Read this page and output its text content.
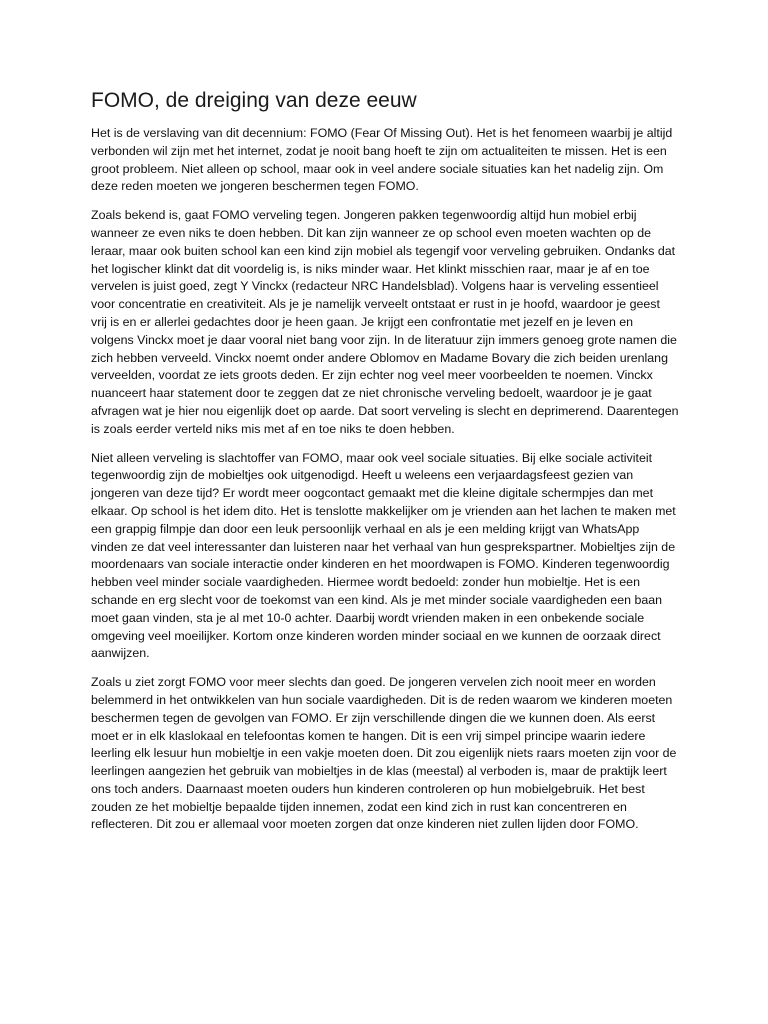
FOMO, de dreiging van deze eeuw

Het is de verslaving van dit decennium: FOMO (Fear Of Missing Out). Het is het fenomeen waarbij je altijd verbonden wil zijn met het internet, zodat je nooit bang hoeft te zijn om actualiteiten te missen. Het is een groot probleem. Niet alleen op school, maar ook in veel andere sociale situaties kan het nadelig zijn. Om deze reden moeten we jongeren beschermen tegen FOMO.

Zoals bekend is, gaat FOMO verveling tegen. Jongeren pakken tegenwoordig altijd hun mobiel erbij wanneer ze even niks te doen hebben. Dit kan zijn wanneer ze op school even moeten wachten op de leraar, maar ook buiten school kan een kind zijn mobiel als tegengif voor verveling gebruiken. Ondanks dat het logischer klinkt dat dit voordelig is, is niks minder waar. Het klinkt misschien raar, maar je af en toe vervelen is juist goed, zegt Y Vinckx (redacteur NRC Handelsblad). Volgens haar is verveling essentieel voor concentratie en creativiteit. Als je je namelijk verveelt ontstaat er rust in je hoofd, waardoor je geest vrij is en er allerlei gedachtes door je heen gaan. Je krijgt een confrontatie met jezelf en je leven en volgens Vinckx moet je daar vooral niet bang voor zijn. In de literatuur zijn immers genoeg grote namen die zich hebben verveeld. Vinckx noemt onder andere Oblomov en Madame Bovary die zich beiden urenlang verveelden, voordat ze iets groots deden. Er zijn echter nog veel meer voorbeelden te noemen. Vinckx nuanceert haar statement door te zeggen dat ze niet chronische verveling bedoelt, waardoor je je gaat afvragen wat je hier nou eigenlijk doet op aarde. Dat soort verveling is slecht en deprimerend. Daarentegen is zoals eerder verteld niks mis met af en toe niks te doen hebben.

Niet alleen verveling is slachtoffer van FOMO, maar ook veel sociale situaties. Bij elke sociale activiteit tegenwoordig zijn de mobieltjes ook uitgenodigd. Heeft u weleens een verjaardagsfeest gezien van jongeren van deze tijd? Er wordt meer oogcontact gemaakt met die kleine digitale schermpjes dan met elkaar. Op school is het idem dito. Het is tenslotte makkelijker om je vrienden aan het lachen te maken met een grappig filmpje dan door een leuk persoonlijk verhaal en als je een melding krijgt van WhatsApp vinden ze dat veel interessanter dan luisteren naar het verhaal van hun gesprekspartner. Mobieltjes zijn de moordenaars van sociale interactie onder kinderen en het moordwapen is FOMO. Kinderen tegenwoordig hebben veel minder sociale vaardigheden. Hiermee wordt bedoeld: zonder hun mobieltje. Het is een schande en erg slecht voor de toekomst van een kind. Als je met minder sociale vaardigheden een baan moet gaan vinden, sta je al met 10-0 achter. Daarbij wordt vrienden maken in een onbekende sociale omgeving veel moeilijker. Kortom onze kinderen worden minder sociaal en we kunnen de oorzaak direct aanwijzen.

Zoals u ziet zorgt FOMO voor meer slechts dan goed. De jongeren vervelen zich nooit meer en worden belemmerd in het ontwikkelen van hun sociale vaardigheden. Dit is de reden waarom we kinderen moeten beschermen tegen de gevolgen van FOMO. Er zijn verschillende dingen die we kunnen doen. Als eerst moet er in elk klaslokaal en telefoontas komen te hangen. Dit is een vrij simpel principe waarin iedere leerling elk lesuur hun mobieltje in een vakje moeten doen. Dit zou eigenlijk niets raars moeten zijn voor de leerlingen aangezien het gebruik van mobieltjes in de klas (meestal) al verboden is, maar de praktijk leert ons toch anders. Daarnaast moeten ouders hun kinderen controleren op hun mobielgebruik. Het best zouden ze het mobieltje bepaalde tijden innemen, zodat een kind zich in rust kan concentreren en reflecteren. Dit zou er allemaal voor moeten zorgen dat onze kinderen niet zullen lijden door FOMO.
